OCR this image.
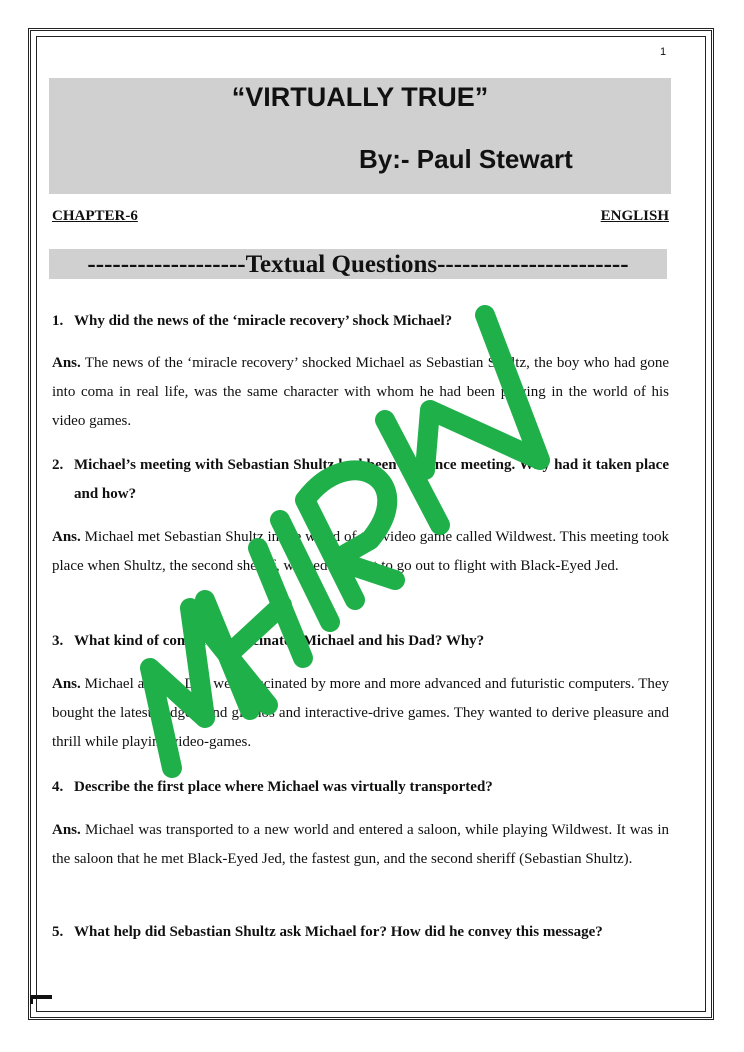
1
“VIRTUALLY TRUE”
By:- Paul Stewart
CHAPTER-6	ENGLISH
-------------------Textual Questions-----------------------
1. Why did the news of the ‘miracle recovery’ shock Michael?
Ans. The news of the ‘miracle recovery’ shocked Michael as Sebastian Shultz, the boy who had gone into coma in real life, was the same character with whom he had been playing in the world of his video games.
2. Michael’s meeting with Sebastian Shultz had been a chance meeting. Why had it taken place and how?
Ans. Michael met Sebastian Shultz in the world of the video game called Wildwest. This meeting took place when Shultz, the second sheriff, warned him not to go out to flight with Black-Eyed Jed.
3. What kind of computers fascinated Michael and his Dad? Why?
Ans. Michael and his Dad were fascinated by more and more advanced and futuristic computers. They bought the latest gadgets and gizmos and interactive-drive games. They wanted to derive pleasure and thrill while playing video-games.
4. Describe the first place where Michael was virtually transported?
Ans. Michael was transported to a new world and entered a saloon, while playing Wildwest. It was in the saloon that he met Black-Eyed Jed, the fastest gun, and the second sheriff (Sebastian Shultz).
5. What help did Sebastian Shultz ask Michael for? How did he convey this message?
